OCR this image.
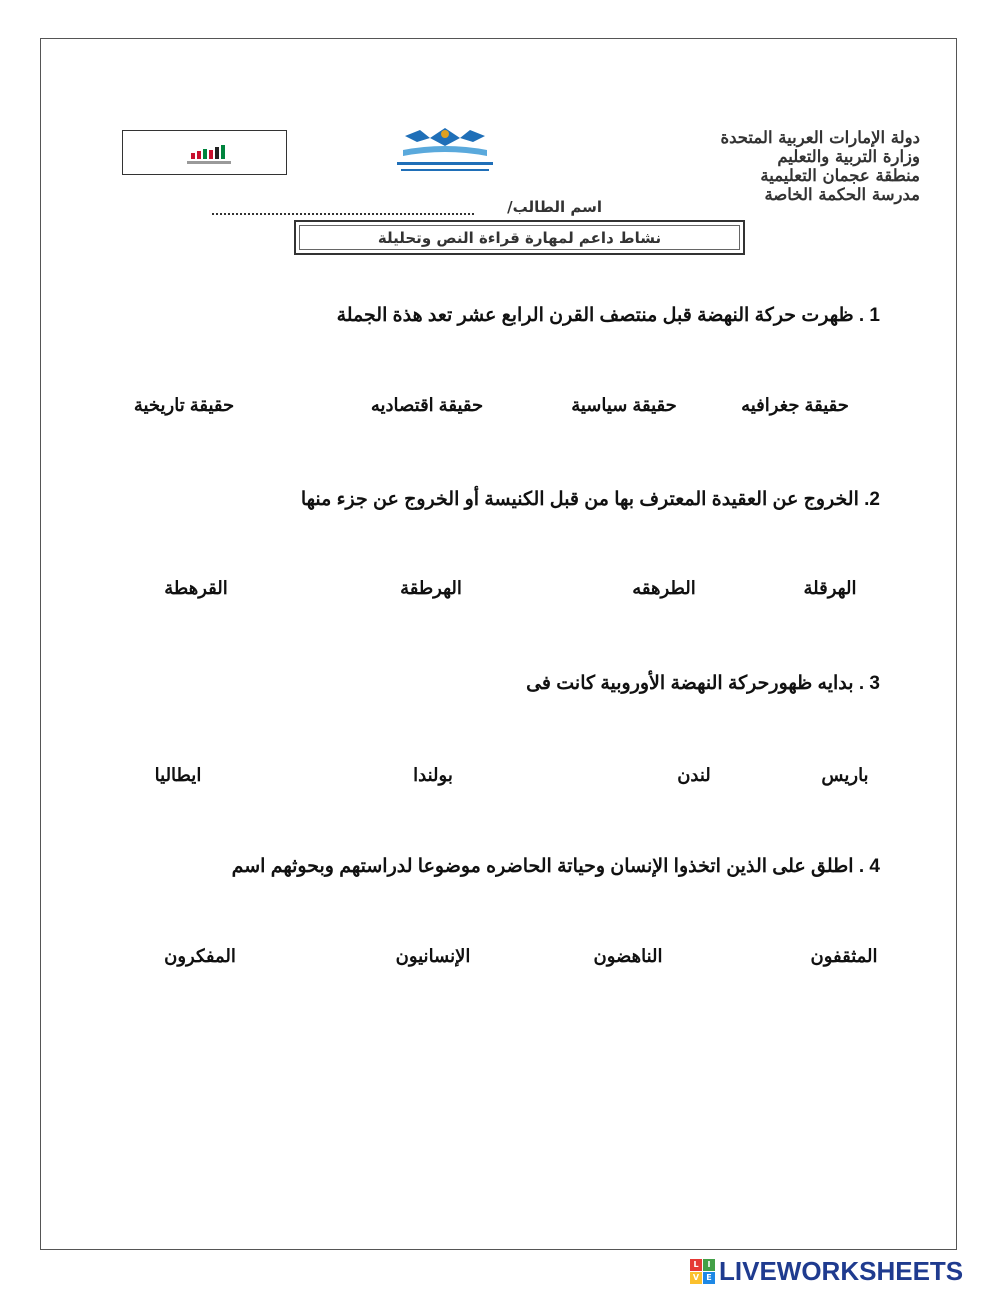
دولة الإمارات العربية المتحدة
وزارة التربية والتعليم
منطقة عجمان التعليمية
مدرسة الحكمة الخاصة
اسم الطالب/
نشاط داعم لمهارة قراءة النص وتحليلة
1 . ظهرت حركة النهضة قبل منتصف القرن الرابع عشر تعد هذة الجملة
حقيقة جغرافيه
حقيقة سياسية
حقيقة اقتصاديه
حقيقة تاريخية
2. الخروج عن العقيدة المعترف بها من قبل الكنيسة أو الخروج عن جزء منها
الهرقلة
الطرهقه
الهرطقة
القرهطة
3 . بدايه ظهورحركة النهضة الأوروبية كانت فى
باريس
لندن
بولندا
ايطاليا
4 . اطلق على الذين اتخذوا الإنسان وحياتة الحاضره موضوعا لدراستهم وبحوثهم اسم
المثقفون
الناهضون
الإنسانيون
المفكرون
L	I
V E LIVEWORKSHEETS
